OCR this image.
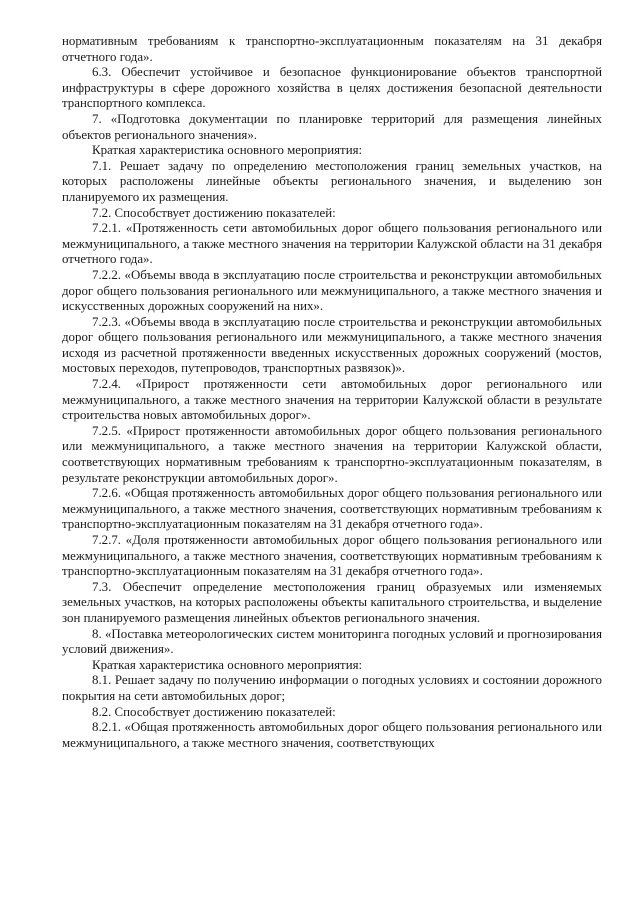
нормативным требованиям к транспортно-эксплуатационным показателям на 31 декабря отчетного года».

6.3. Обеспечит устойчивое и безопасное функционирование объектов транспортной инфраструктуры в сфере дорожного хозяйства в целях достижения безопасной деятельности транспортного комплекса.

7. «Подготовка документации по планировке территорий для размещения линейных объектов регионального значения».

Краткая характеристика основного мероприятия:

7.1. Решает задачу по определению местоположения границ земельных участков, на которых расположены линейные объекты регионального значения, и выделению зон планируемого их размещения.

7.2. Способствует достижению показателей:

7.2.1. «Протяженность сети автомобильных дорог общего пользования регионального или межмуниципального, а также местного значения на территории Калужской области на 31 декабря отчетного года».

7.2.2. «Объемы ввода в эксплуатацию после строительства и реконструкции автомобильных дорог общего пользования регионального или межмуниципального, а также местного значения и искусственных дорожных сооружений на них».

7.2.3. «Объемы ввода в эксплуатацию после строительства и реконструкции автомобильных дорог общего пользования регионального или межмуниципального, а также местного значения исходя из расчетной протяженности введенных искусственных дорожных сооружений (мостов, мостовых переходов, путепроводов, транспортных развязок)».

7.2.4. «Прирост протяженности сети автомобильных дорог регионального или межмуниципального, а также местного значения на территории Калужской области в результате строительства новых автомобильных дорог».

7.2.5. «Прирост протяженности автомобильных дорог общего пользования регионального или межмуниципального, а также местного значения на территории Калужской области, соответствующих нормативным требованиям к транспортно-эксплуатационным показателям, в результате реконструкции автомобильных дорог».

7.2.6. «Общая протяженность автомобильных дорог общего пользования регионального или межмуниципального, а также местного значения, соответствующих нормативным требованиям к транспортно-эксплуатационным показателям на 31 декабря отчетного года».

7.2.7. «Доля протяженности автомобильных дорог общего пользования регионального или межмуниципального, а также местного значения, соответствующих нормативным требованиям к транспортно-эксплуатационным показателям на 31 декабря отчетного года».

7.3. Обеспечит определение местоположения границ образуемых или изменяемых земельных участков, на которых расположены объекты капитального строительства, и выделение зон планируемого размещения линейных объектов регионального значения.

8. «Поставка метеорологических систем мониторинга погодных условий и прогнозирования условий движения».

Краткая характеристика основного мероприятия:

8.1. Решает задачу по получению информации о погодных условиях и состоянии дорожного покрытия на сети автомобильных дорог;

8.2. Способствует достижению показателей:

8.2.1. «Общая протяженность автомобильных дорог общего пользования регионального или межмуниципального, а также местного значения, соответствующих
